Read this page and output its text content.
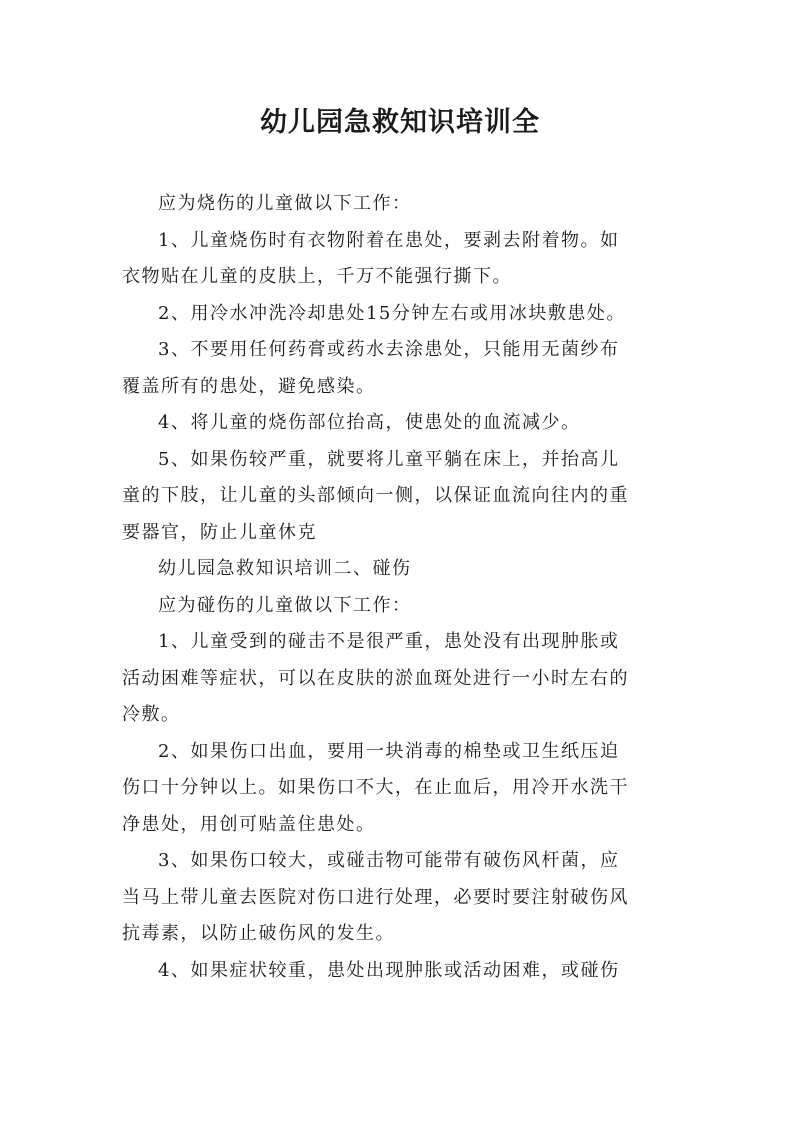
幼儿园急救知识培训全
应为烧伤的儿童做以下工作：
1、儿童烧伤时有衣物附着在患处，要剥去附着物。如
衣物贴在儿童的皮肤上，千万不能强行撕下。
2、用冷水冲洗冷却患处15分钟左右或用冰块敷患处。
3、不要用任何药膏或药水去涂患处，只能用无菌纱布
覆盖所有的患处，避免感染。
4、将儿童的烧伤部位抬高，使患处的血流减少。
5、如果伤较严重，就要将儿童平躺在床上，并抬高儿
童的下肢，让儿童的头部倾向一侧，以保证血流向往内的重
要器官，防止儿童休克
幼儿园急救知识培训二、碰伤
应为碰伤的儿童做以下工作：
1、儿童受到的碰击不是很严重，患处没有出现肿胀或
活动困难等症状，可以在皮肤的淤血斑处进行一小时左右的
冷敷。
2、如果伤口出血，要用一块消毒的棉垫或卫生纸压迫
伤口十分钟以上。如果伤口不大，在止血后，用冷开水洗干
净患处，用创可贴盖住患处。
3、如果伤口较大，或碰击物可能带有破伤风杆菌，应
当马上带儿童去医院对伤口进行处理，必要时要注射破伤风
抗毒素，以防止破伤风的发生。
4、如果症状较重，患处出现肿胀或活动困难，或碰伤
